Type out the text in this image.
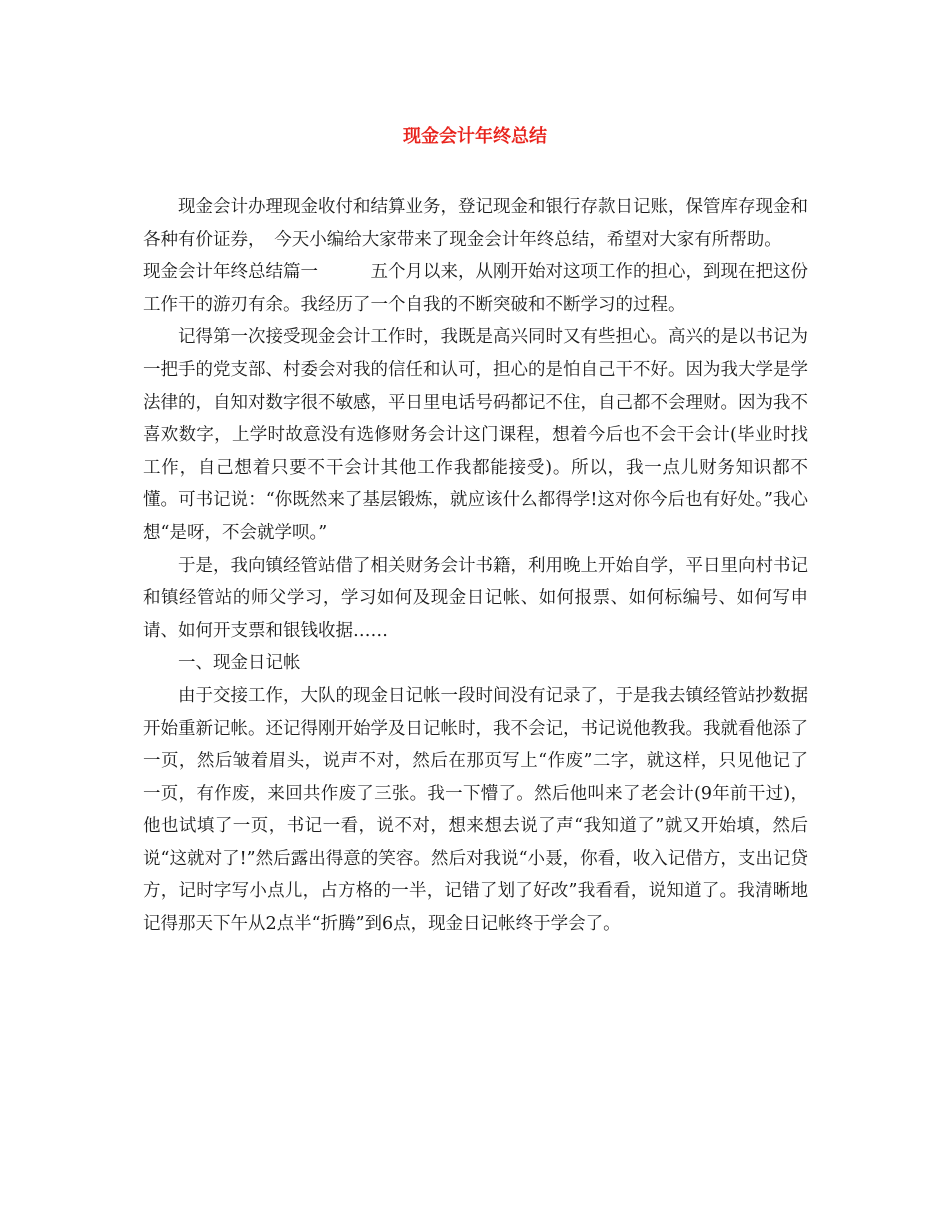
现金会计年终总结

现金会计办理现金收付和结算业务，登记现金和银行存款日记账，保管库存现金和各种有价证券，　今天小编给大家带来了现金会计年终总结，希望对大家有所帮助。

现金会计年终总结篇一　　　五个月以来，从刚开始对这项工作的担心，到现在把这份工作干的游刃有余。我经历了一个自我的不断突破和不断学习的过程。

记得第一次接受现金会计工作时，我既是高兴同时又有些担心。高兴的是以书记为一把手的党支部、村委会对我的信任和认可，担心的是怕自己干不好。因为我大学是学法律的，自知对数字很不敏感，平日里电话号码都记不住，自己都不会理财。因为我不喜欢数字，上学时故意没有选修财务会计这门课程，想着今后也不会干会计(毕业时找工作，自己想着只要不干会计其他工作我都能接受)。所以，我一点儿财务知识都不懂。可书记说：“你既然来了基层锻炼，就应该什么都得学!这对你今后也有好处。”我心想“是呀，不会就学呗。”

于是，我向镇经管站借了相关财务会计书籍，利用晚上开始自学，平日里向村书记和镇经管站的师父学习，学习如何及现金日记帐、如何报票、如何标编号、如何写申请、如何开支票和银钱收据……

一、现金日记帐

由于交接工作，大队的现金日记帐一段时间没有记录了，于是我去镇经管站抄数据开始重新记帐。还记得刚开始学及日记帐时，我不会记，书记说他教我。我就看他添了一页，然后皱着眉头，说声不对，然后在那页写上“作废”二字，就这样，只见他记了一页，有作废，来回共作废了三张。我一下懵了。然后他叫来了老会计(9年前干过)，他也试填了一页，书记一看，说不对，想来想去说了声“我知道了”就又开始填，然后说“这就对了!”然后露出得意的笑容。然后对我说“小聂，你看，收入记借方，支出记贷方，记时字写小点儿，占方格的一半，记错了划了好改”我看看，说知道了。我清晰地记得那天下午从2点半“折腾”到6点，现金日记帐终于学会了。
